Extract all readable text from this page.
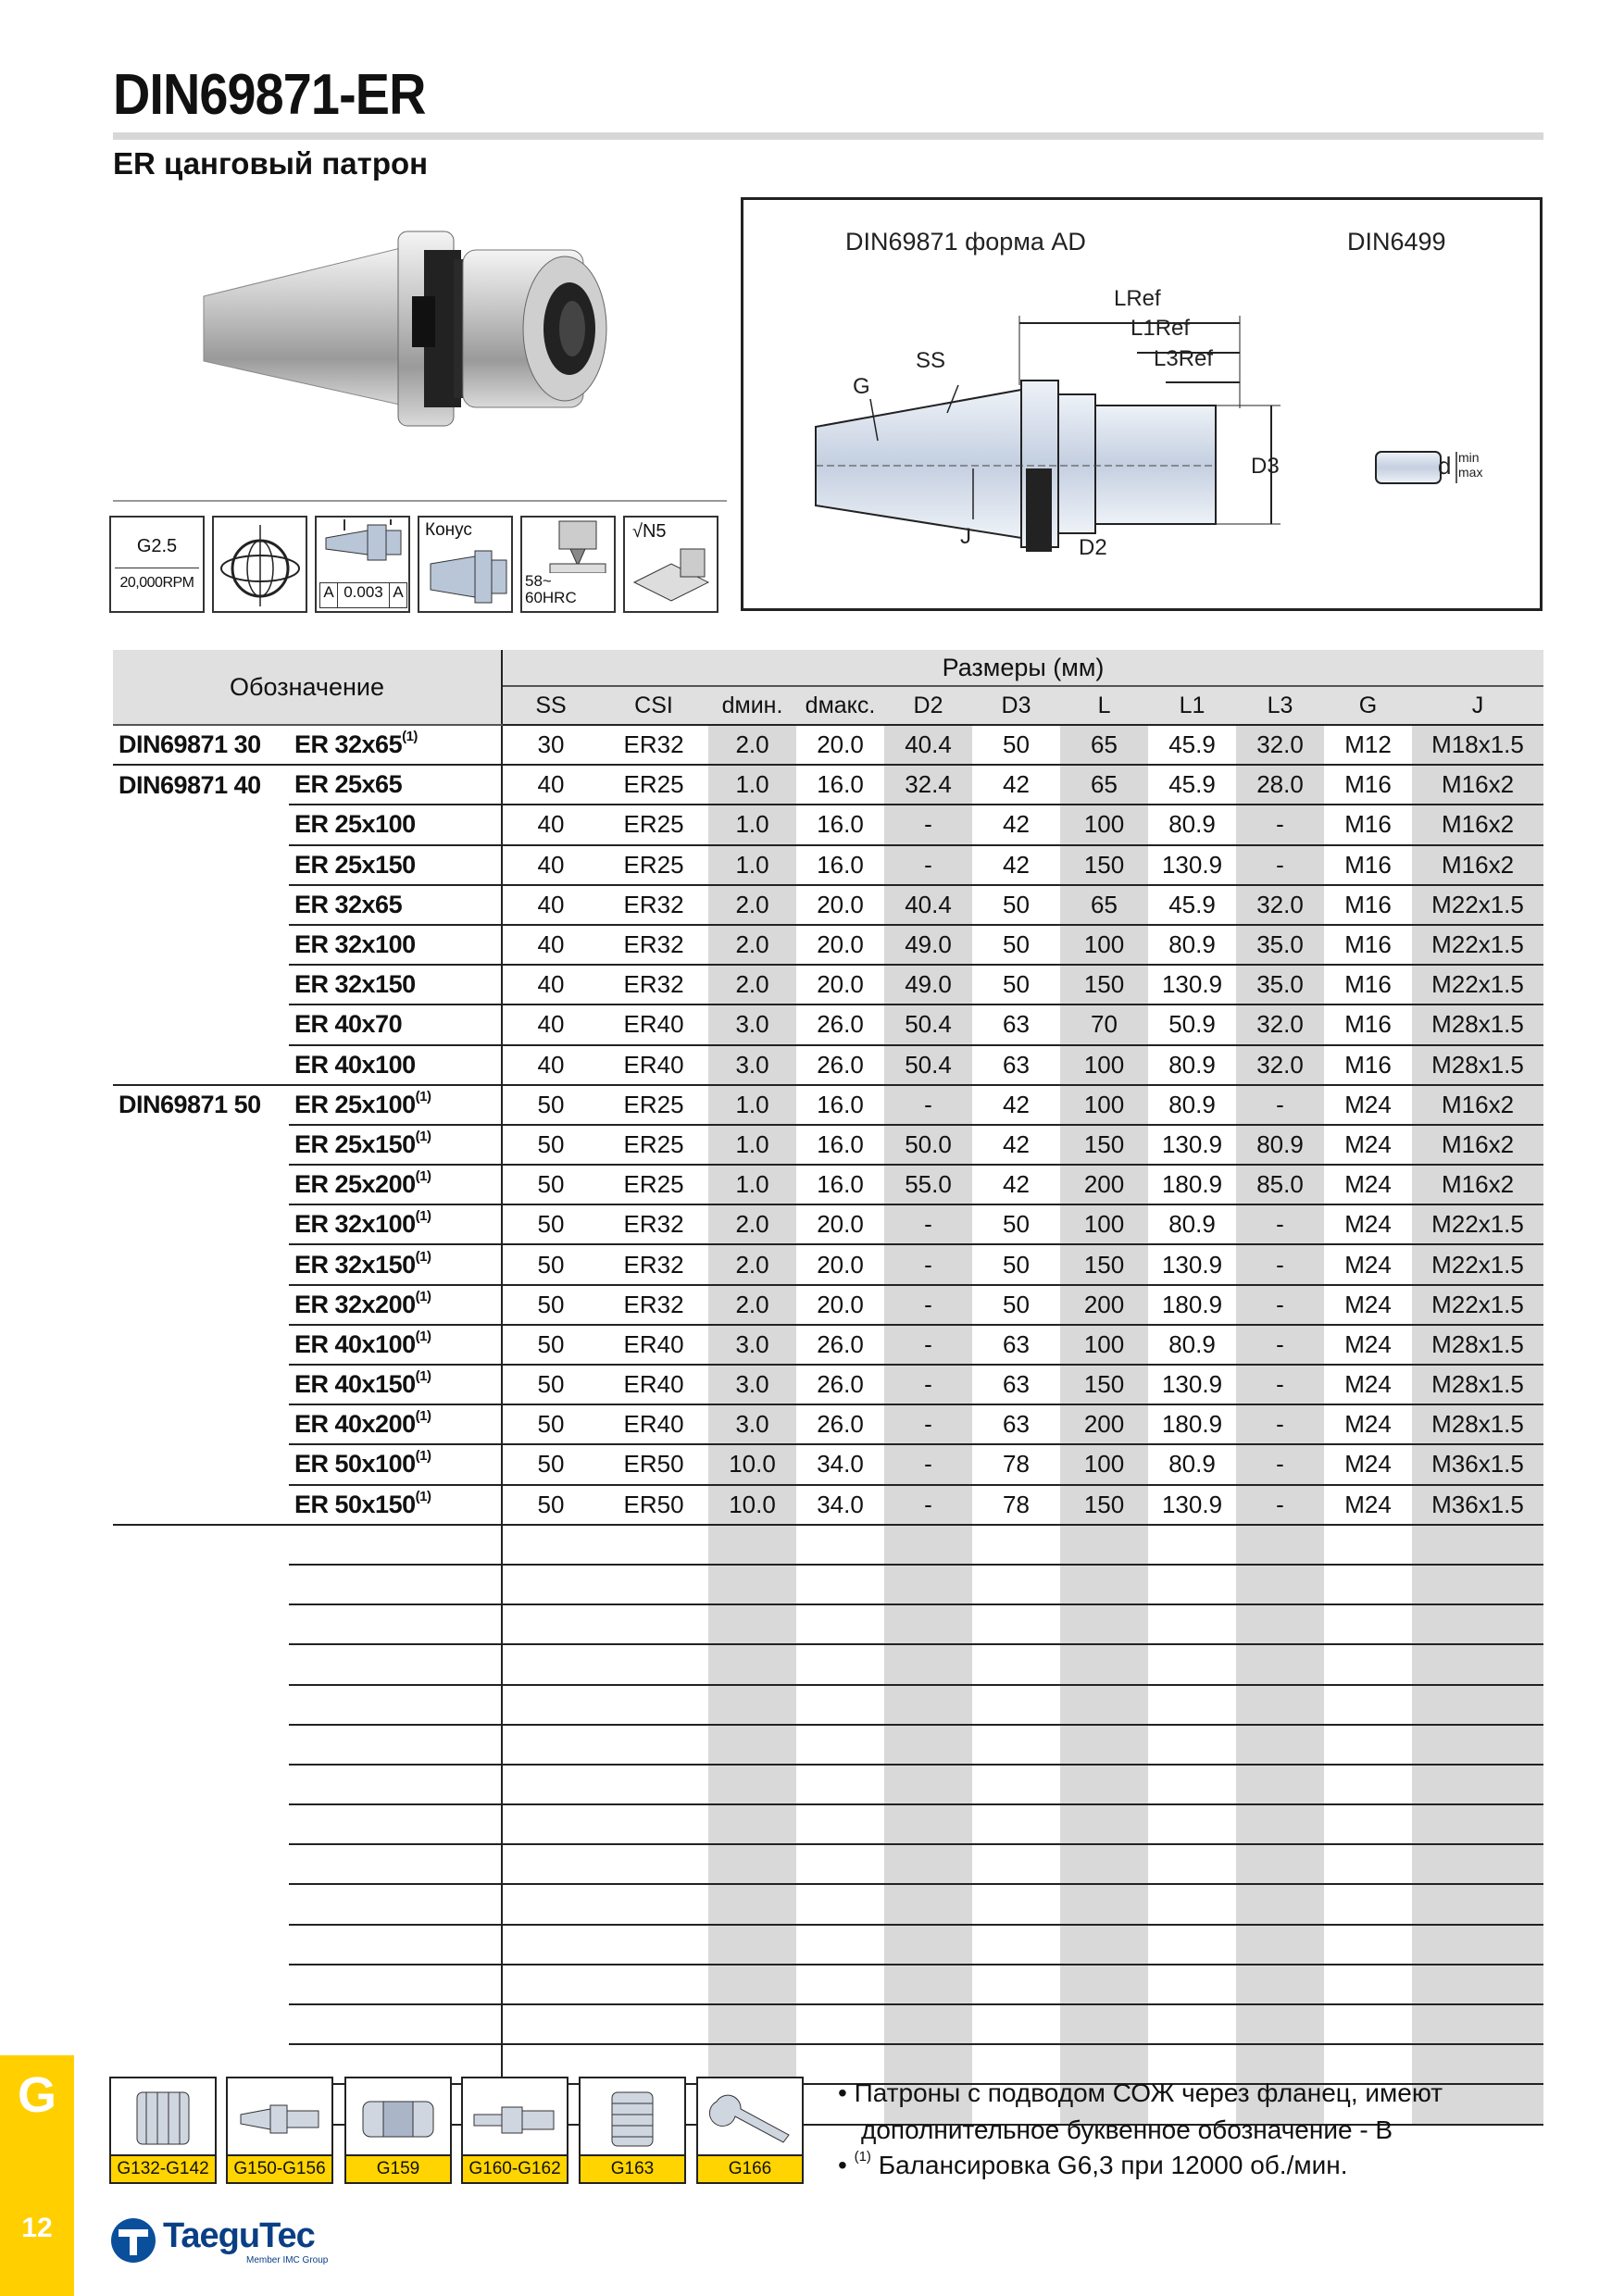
DIN69871-ER
ER цанговый патрон
G2.5
20,000RPM
A 0.003 A
Конус
58~
60HRC
√N5
DIN69871 форма AD	DIN6499
LRef
L1Ref
L3Ref
SS
G
D3
D2
J
d min
max
Обозначение		Размеры (мм)										
		SS	CSI	dмин.	dмакс.	D2	D3	L	L1	L3	G	J
DIN69871 30	ER 32x65$^{(1)}$	30	ER32	2.0	20.0	40.4	50	65	45.9	32.0	M12	M18x1.5
DIN69871 40	ER 25x65	40	ER25	1.0	16.0	32.4	42	65	45.9	28.0	M16	M16x2
	ER 25x100	40	ER25	1.0	16.0	-	42	100	80.9	-	M16	M16x2
	ER 25x150	40	ER25	1.0	16.0	-	42	150	130.9	-	M16	M16x2
	ER 32x65	40	ER32	2.0	20.0	40.4	50	65	45.9	32.0	M16	M22x1.5
	ER 32x100	40	ER32	2.0	20.0	49.0	50	100	80.9	35.0	M16	M22x1.5
	ER 32x150	40	ER32	2.0	20.0	49.0	50	150	130.9	35.0	M16	M22x1.5
	ER 40x70	40	ER40	3.0	26.0	50.4	63	70	50.9	32.0	M16	M28x1.5
	ER 40x100	40	ER40	3.0	26.0	50.4	63	100	80.9	32.0	M16	M28x1.5
DIN69871 50	ER 25x100$^{(1)}$	50	ER25	1.0	16.0	-	42	100	80.9	-	M24	M16x2
	ER 25x150$^{(1)}$	50	ER25	1.0	16.0	50.0	42	150	130.9	80.9	M24	M16x2
	ER 25x200$^{(1)}$	50	ER25	1.0	16.0	55.0	42	200	180.9	85.0	M24	M16x2
	ER 32x100$^{(1)}$	50	ER32	2.0	20.0	-	50	100	80.9	-	M24	M22x1.5
	ER 32x150$^{(1)}$	50	ER32	2.0	20.0	-	50	150	130.9	-	M24	M22x1.5
	ER 32x200$^{(1)}$	50	ER32	2.0	20.0	-	50	200	180.9	-	M24	M22x1.5
	ER 40x100$^{(1)}$	50	ER40	3.0	26.0	-	63	100	80.9	-	M24	M28x1.5
	ER 40x150$^{(1)}$	50	ER40	3.0	26.0	-	63	150	130.9	-	M24	M28x1.5
	ER 40x200$^{(1)}$	50	ER40	3.0	26.0	-	63	200	180.9	-	M24	M28x1.5
	ER 50x100$^{(1)}$	50	ER50	10.0	34.0	-	78	100	80.9	-	M24	M36x1.5
	ER 50x150$^{(1)}$	50	ER50	10.0	34.0	-	78	150	130.9	-	M24	M36x1.5

G132-G142	G150-G156	G159	G160-G162	G163	G166
• Патроны с подводом СОЖ через фланец, имеют
дополнительное буквенное обозначение - В
• $^{(1)}$ Балансировка G6,3 при 12000 об./мин.
G
12	TaeguTec
Member IMC Group
